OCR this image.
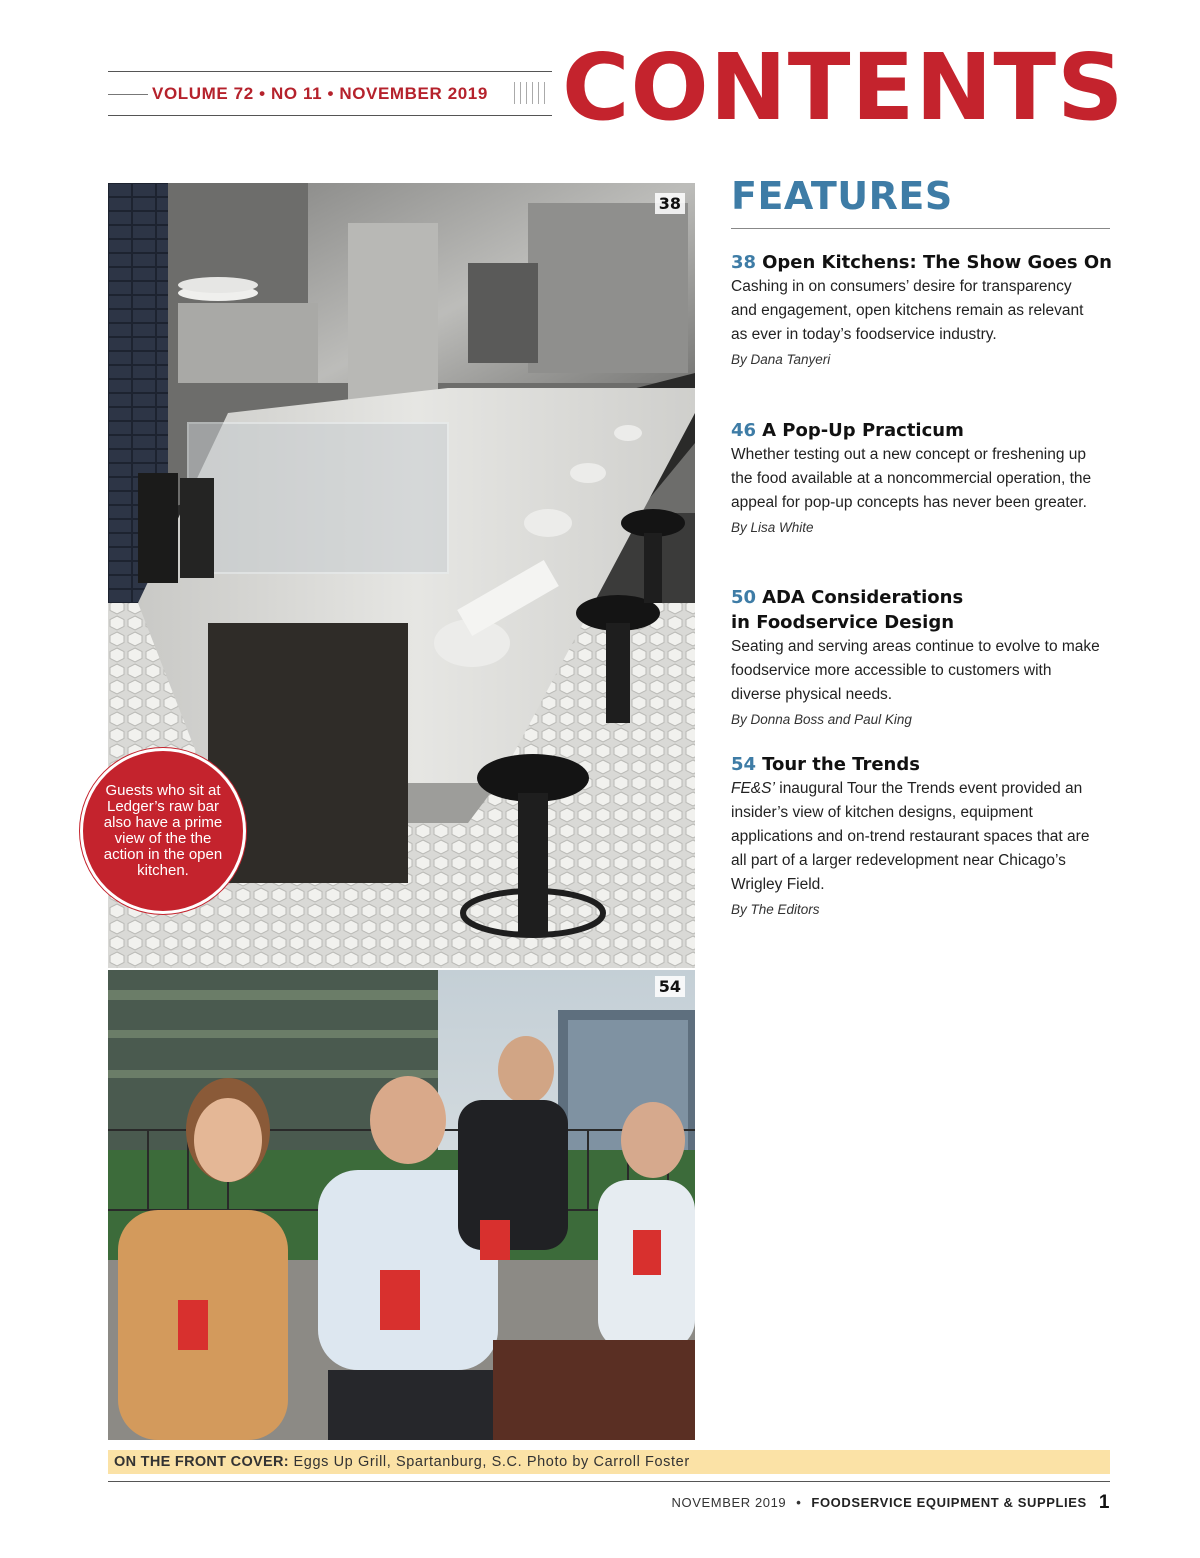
VOLUME 72 • NO 11 • NOVEMBER 2019 CONTENTS
38
54
Guests who sit at Ledger’s raw bar also have a prime view of the the action in the open kitchen.
FEATURES
38 Open Kitchens: The Show Goes On

Cashing in on consumers’ desire for transparency and engagement, open kitchens remain as relevant as ever in today’s foodservice industry.

By Dana Tanyeri
46 A Pop-Up Practicum

Whether testing out a new concept or freshening up the food available at a noncommercial operation, the appeal for pop-up concepts has never been greater.

By Lisa White
50 ADA Considerations
in Foodservice Design

Seating and serving areas continue to evolve to make foodservice more accessible to customers with diverse physical needs.

By Donna Boss and Paul King
54 Tour the Trends

FE&S’ inaugural Tour the Trends event provided an insider’s view of kitchen designs, equipment applications and on-trend restaurant spaces that are all part of a larger redevelopment near Chicago’s Wrigley Field.

By The Editors
ON THE FRONT COVER: Eggs Up Grill, Spartanburg, S.C. Photo by Carroll Foster
NOVEMBER 2019 • FOODSERVICE EQUIPMENT & SUPPLIES 1
